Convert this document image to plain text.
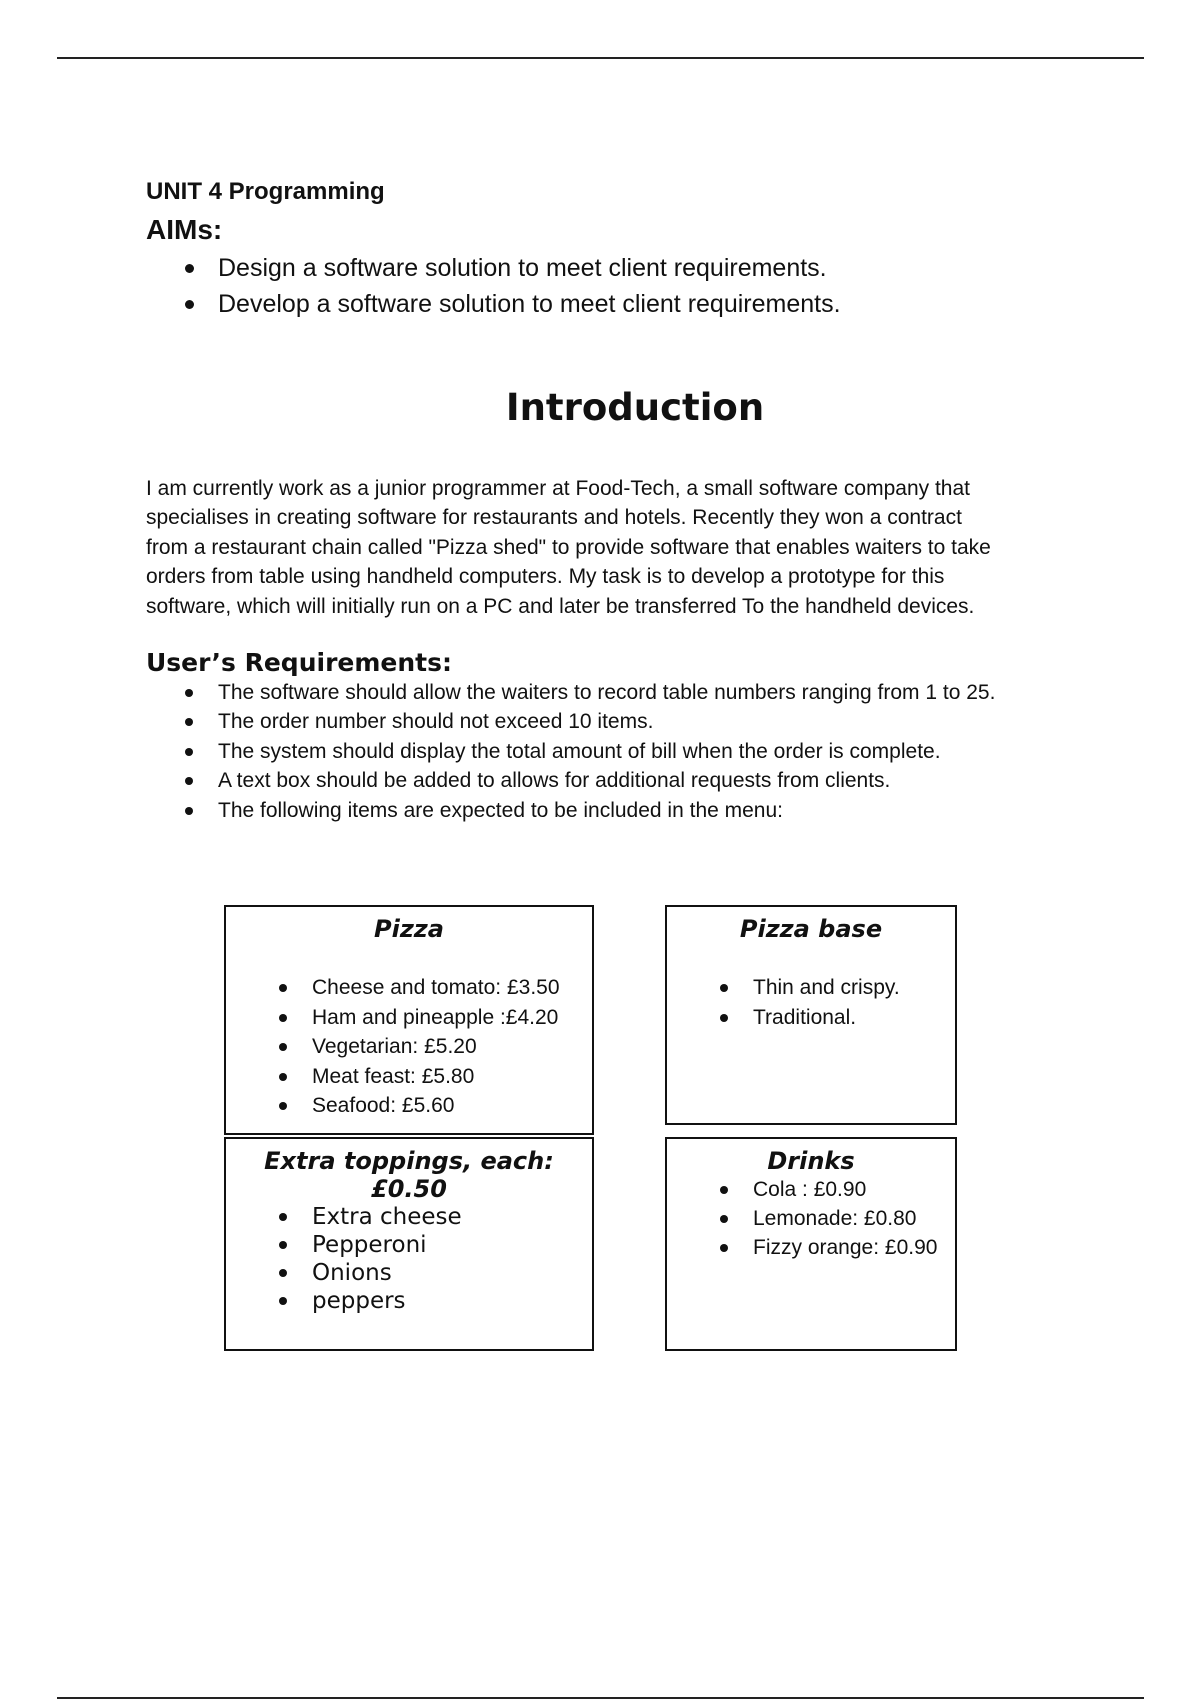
UNIT 4 Programming
AIMs:
Design a software solution to meet client requirements.
Develop a software solution to meet client requirements.
Introduction

I am currently work as a junior programmer at Food-Tech, a small software company that
specialises in creating software for restaurants and hotels. Recently they won a contract
from a restaurant chain called "Pizza shed" to provide software that enables waiters to take
orders from table using handheld computers. My task is to develop a prototype for this
software, which will initially run on a PC and later be transferred To the handheld devices.

User’s Requirements:
The software should allow the waiters to record table numbers ranging from 1 to 25.
The order number should not exceed 10 items.
The system should display the total amount of bill when the order is complete.
A text box should be added to allows for additional requests from clients.
The following items are expected to be included in the menu:
Pizza
Cheese and tomato: £3.50
Ham and pineapple :£4.20
Vegetarian: £5.20
Meat feast: £5.80
Seafood: £5.60
Pizza base
Thin and crispy.
Traditional.
Extra toppings, each:
£0.50
Extra cheese
Pepperoni
Onions
peppers
Drinks
Cola : £0.90
Lemonade: £0.80
Fizzy orange: £0.90
